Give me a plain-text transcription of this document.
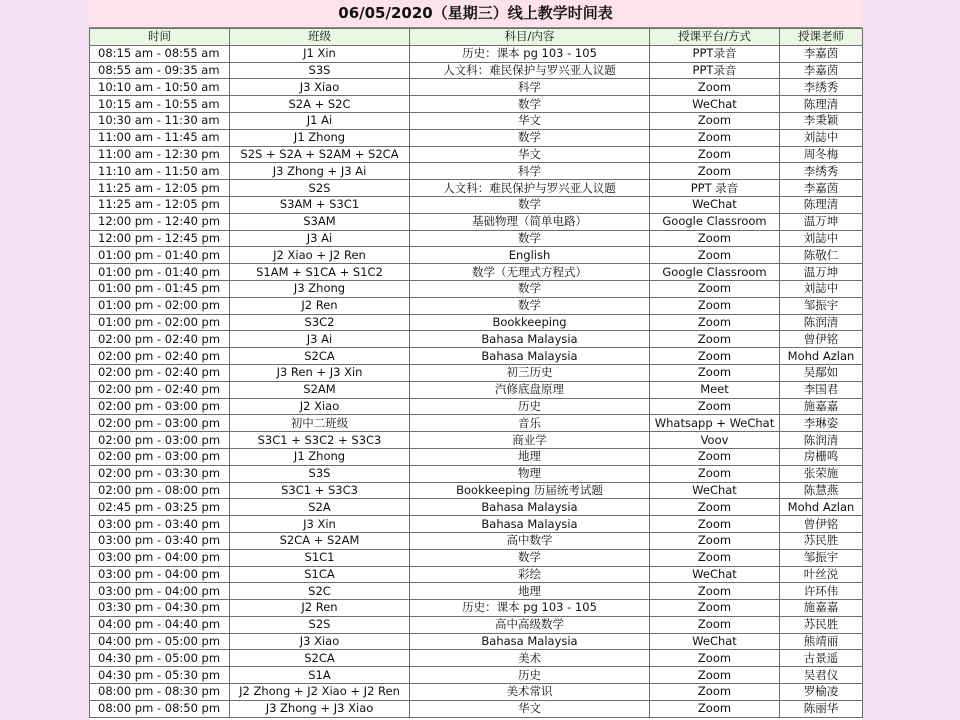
06/05/2020（星期三）线上教学时间表
时间	班级	科目/内容	授课平台/方式	授课老师
08:15 am - 08:55 am	J1 Xin	历史：课本 pg 103 - 105	PPT录音	李嘉茵
08:55 am - 09:35 am	S3S	人文科：难民保护与罗兴亚人议题	PPT录音	李嘉茵
10:10 am - 10:50 am	J3 Xiao	科学	Zoom	李绣秀
10:15 am - 10:55 am	S2A + S2C	数学	WeChat	陈理清
10:30 am - 11:30 am	J1 Ai	华文	Zoom	李秉颖
11:00 am - 11:45 am	J1 Zhong	数学	Zoom	刘誌中
11:00 am - 12:30 pm	S2S + S2A + S2AM + S2CA	华文	Zoom	周冬梅
11:10 am - 11:50 am	J3 Zhong + J3 Ai	科学	Zoom	李绣秀
11:25 am - 12:05 pm	S2S	人文科：难民保护与罗兴亚人议题	PPT 录音	李嘉茵
11:25 am - 12:05 pm	S3AM + S3C1	数学	WeChat	陈理清
12:00 pm - 12:40 pm	S3AM	基础物理（简单电路）	Google Classroom	温万坤
12:00 pm - 12:45 pm	J3 Ai	数学	Zoom	刘誌中
01:00 pm - 01:40 pm	J2 Xiao + J2 Ren	English	Zoom	陈敬仁
01:00 pm - 01:40 pm	S1AM + S1CA + S1C2	数学（无理式方程式）	Google Classroom	温万坤
01:00 pm - 01:45 pm	J3 Zhong	数学	Zoom	刘誌中
01:00 pm - 02:00 pm	J2 Ren	数学	Zoom	邹振宇
01:00 pm - 02:00 pm	S3C2	Bookkeeping	Zoom	陈润清
02:00 pm - 02:40 pm	J3 Ai	Bahasa Malaysia	Zoom	曾伊铭
02:00 pm - 02:40 pm	S2CA	Bahasa Malaysia	Zoom	Mohd Azlan
02:00 pm - 02:40 pm	J3 Ren + J3 Xin	初三历史	Zoom	吴鄢如
02:00 pm - 02:40 pm	S2AM	汽修底盘原理	Meet	李国君
02:00 pm - 03:00 pm	J2 Xiao	历史	Zoom	施嘉嘉
02:00 pm - 03:00 pm	初中二班级	音乐	Whatsapp + WeChat	李琳姿
02:00 pm - 03:00 pm	S3C1 + S3C2 + S3C3	商业学	Voov	陈润清
02:00 pm - 03:00 pm	J1 Zhong	地理	Zoom	房栅鸣
02:00 pm - 03:30 pm	S3S	物理	Zoom	张荣施
02:00 pm - 08:00 pm	S3C1 + S3C3	Bookkeeping 历届统考试题	WeChat	陈慧燕
02:45 pm - 03:25 pm	S2A	Bahasa Malaysia	Zoom	Mohd Azlan
03:00 pm - 03:40 pm	J3 Xin	Bahasa Malaysia	Zoom	曾伊铭
03:00 pm - 03:40 pm	S2CA + S2AM	高中数学	Zoom	苏民胜
03:00 pm - 04:00 pm	S1C1	数学	Zoom	邹振宇
03:00 pm - 04:00 pm	S1CA	彩绘	WeChat	叶丝涚
03:00 pm - 04:00 pm	S2C	地理	Zoom	许环伟
03:30 pm - 04:30 pm	J2 Ren	历史：课本 pg 103 - 105	Zoom	施嘉嘉
04:00 pm - 04:40 pm	S2S	高中高级数学	Zoom	苏民胜
04:00 pm - 05:00 pm	J3 Xiao	Bahasa Malaysia	WeChat	熊靖丽
04:30 pm - 05:00 pm	S2CA	美术	Zoom	古景遥
04:30 pm - 05:30 pm	S1A	历史	Zoom	吴君仪
08:00 pm - 08:30 pm	J2 Zhong + J2 Xiao + J2 Ren	美术常识	Zoom	罗榆凌
08:00 pm - 08:50 pm	J3 Zhong + J3 Xiao	华文	Zoom	陈丽华
